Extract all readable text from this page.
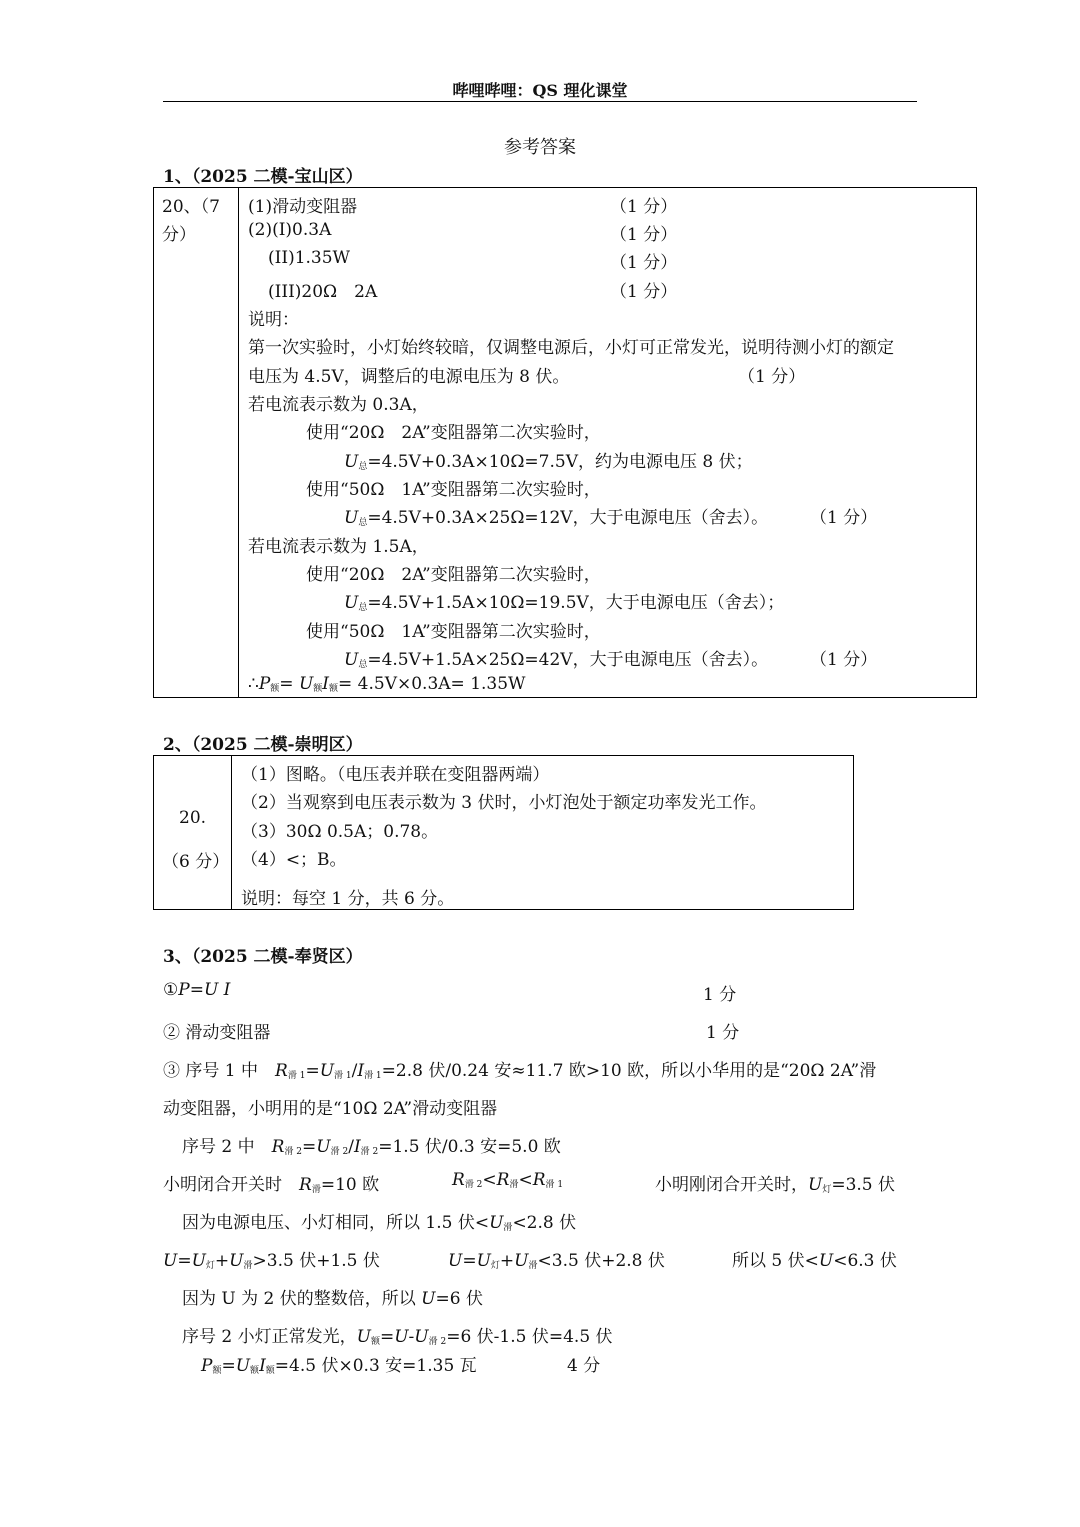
哔哩哔哩：QS 理化课堂
参考答案
1、（2025 二模-宝山区）
20、（7
分）
(1)滑动变阻器	（1 分）
(2)(I)0.3A	（1 分）
(II)1.35W	（1 分）
(III)20Ω　2A	（1 分）
说明：
第一次实验时，小灯始终较暗，仅调整电源后，小灯可正常发光，说明待测小灯的额定
电压为 4.5V，调整后的电源电压为 8 伏。	（1 分）
若电流表示数为 0.3A，
使用“20Ω　2A”变阻器第二次实验时，
$U_总=4.5V+0.3A\times 10\Omega=7.5V$，约为电源电压 8 伏；
使用“50Ω　1A”变阻器第二次实验时，
$U_总=4.5V+0.3A\times 25\Omega=12V$，大于电源电压（舍去）。 （1 分）
若电流表示数为 1.5A，
使用“20Ω　2A”变阻器第二次实验时，
$U_总=4.5V+1.5A\times 10\Omega=19.5V$，大于电源电压（舍去）；
使用“50Ω　1A”变阻器第二次实验时，
$U_总=4.5V+1.5A\times 25\Omega=42V$，大于电源电压（舍去）。 （1 分）
$\therefore P_额= U_额I_额= 4.5V\times 0.3A= 1.35W$
2、（2025 二模-崇明区）
20.
（6 分）
（1）图略。（电压表并联在变阻器两端）
（2）当观察到电压表示数为 3 伏时，小灯泡处于额定功率发光工作。
（3）30Ω 0.5A；0.78。
（4）<；B。
说明：每空 1 分，共 6 分。
3、（2025 二模-奉贤区）
①P=U I	1 分
② 滑动变阻器	1 分
③ 序号 1 中　 $R_{滑 1}=U_{滑 1}/I_{滑 1}=2.8$ 伏/0.24 安≈11.7 欧>10 欧，所以小华用的是“20Ω 2A”滑
动变阻器，小明用的是“10Ω 2A”滑动变阻器
序号 2 中　 $R_{滑 2}=U_{滑 2}/I_{滑 2}=1.5$ 伏/0.3 安=5.0 欧
小明闭合开关时　 $R_滑=10$ 欧	$R_{滑 2}<R_滑<R_{滑 1}$	小明刚闭合开关时，$U_灯=3.5$ 伏
因为电源电压、小灯相同，所以 1.5 伏$<U_滑<2.8$ 伏
$U=U_灯+U_滑>3.5$ 伏+1.5 伏	$U=U_灯+U_滑<3.5$ 伏+2.8 伏	所以 5 伏<U<6.3 伏
因为 U 为 2 伏的整数倍，所以 U=6 伏
序号 2 小灯正常发光，$U_额=U-U_{滑 2}=6$ 伏-1.5 伏=4.5 伏
$P_额=U_额I_额=4.5$ 伏×0.3 安=1.35 瓦	4 分
